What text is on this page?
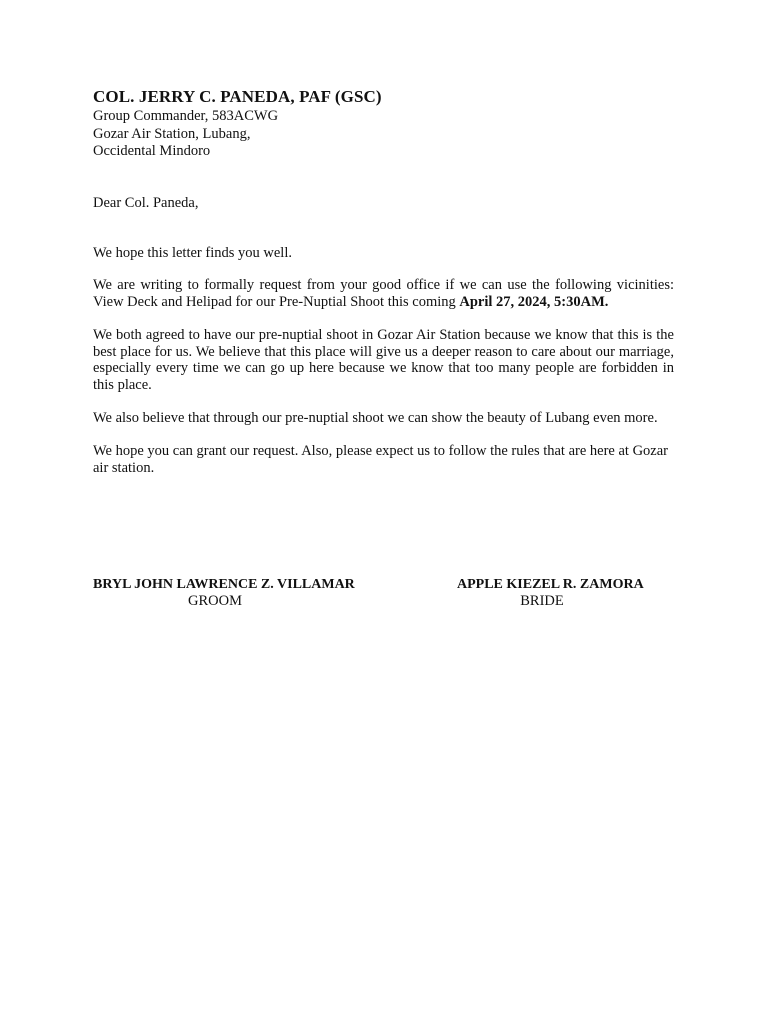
COL. JERRY C. PANEDA, PAF (GSC)

Group Commander, 583ACWG

Gozar Air Station, Lubang,

Occidental Mindoro

Dear Col. Paneda,

We hope this letter finds you well.

We are writing to formally request from your good office if we can use the following vicinities: View Deck and Helipad for our Pre-Nuptial Shoot this coming April 27, 2024, 5:30AM.

We both agreed to have our pre-nuptial shoot in Gozar Air Station because we know that this is the best place for us. We believe that this place will give us a deeper reason to care about our marriage, especially every time we can go up here because we know that too many people are forbidden in this place.

We also believe that through our pre-nuptial shoot we can show the beauty of Lubang even more.

We hope you can grant our request. Also, please expect us to follow the rules that are here at Gozar air station.

BRYL JOHN LAWRENCE Z. VILLAMAR
GROOM
APPLE KIEZEL R. ZAMORA
BRIDE
